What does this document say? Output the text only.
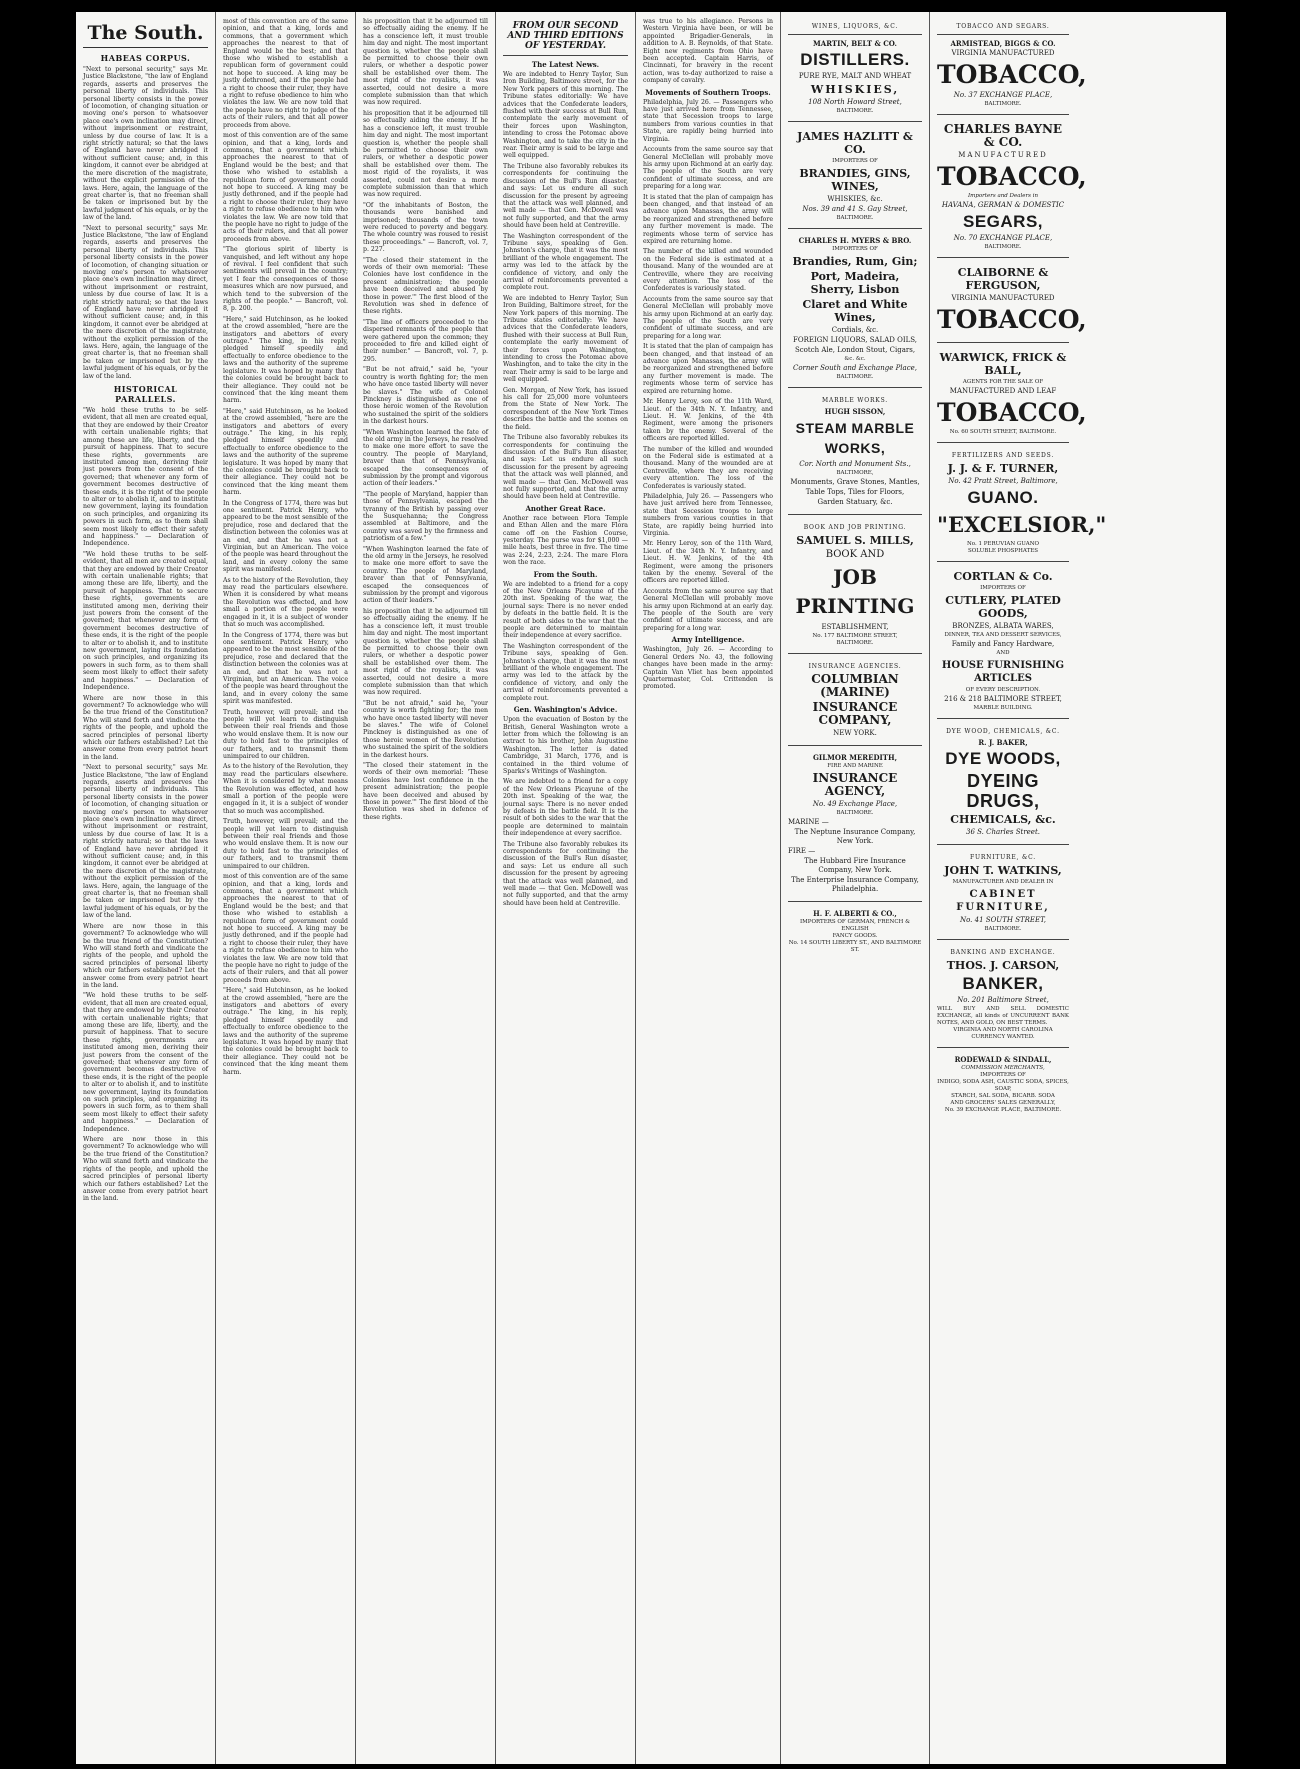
The South.
HABEAS CORPUS.

"Next to personal security," says Mr. Justice Blackstone, "the law of England regards, asserts and preserves the personal liberty of individuals. This personal liberty consists in the power of locomotion, of changing situation or moving one's person to whatsoever place one's own inclination may direct, without imprisonment or restraint, unless by due course of law. It is a right strictly natural; so that the laws of England have never abridged it without sufficient cause; and, in this kingdom, it cannot ever be abridged at the mere discretion of the magistrate, without the explicit permission of the laws. Here, again, the language of the great charter is, that no freeman shall be taken or imprisoned but by the lawful judgment of his equals, or by the law of the land.

"Next to personal security," says Mr. Justice Blackstone, "the law of England regards, asserts and preserves the personal liberty of individuals. This personal liberty consists in the power of locomotion, of changing situation or moving one's person to whatsoever place one's own inclination may direct, without imprisonment or restraint, unless by due course of law. It is a right strictly natural; so that the laws of England have never abridged it without sufficient cause; and, in this kingdom, it cannot ever be abridged at the mere discretion of the magistrate, without the explicit permission of the laws. Here, again, the language of the great charter is, that no freeman shall be taken or imprisoned but by the lawful judgment of his equals, or by the law of the land.

HISTORICAL PARALLELS.

"We hold these truths to be self-evident, that all men are created equal, that they are endowed by their Creator with certain unalienable rights; that among these are life, liberty, and the pursuit of happiness. That to secure these rights, governments are instituted among men, deriving their just powers from the consent of the governed; that whenever any form of government becomes destructive of these ends, it is the right of the people to alter or to abolish it, and to institute new government, laying its foundation on such principles, and organizing its powers in such form, as to them shall seem most likely to effect their safety and happiness." — Declaration of Independence.

"We hold these truths to be self-evident, that all men are created equal, that they are endowed by their Creator with certain unalienable rights; that among these are life, liberty, and the pursuit of happiness. That to secure these rights, governments are instituted among men, deriving their just powers from the consent of the governed; that whenever any form of government becomes destructive of these ends, it is the right of the people to alter or to abolish it, and to institute new government, laying its foundation on such principles, and organizing its powers in such form, as to them shall seem most likely to effect their safety and happiness." — Declaration of Independence.

Where are now those in this government? To acknowledge who will be the true friend of the Constitution? Who will stand forth and vindicate the rights of the people, and uphold the sacred principles of personal liberty which our fathers established? Let the answer come from every patriot heart in the land.

"Next to personal security," says Mr. Justice Blackstone, "the law of England regards, asserts and preserves the personal liberty of individuals. This personal liberty consists in the power of locomotion, of changing situation or moving one's person to whatsoever place one's own inclination may direct, without imprisonment or restraint, unless by due course of law. It is a right strictly natural; so that the laws of England have never abridged it without sufficient cause; and, in this kingdom, it cannot ever be abridged at the mere discretion of the magistrate, without the explicit permission of the laws. Here, again, the language of the great charter is, that no freeman shall be taken or imprisoned but by the lawful judgment of his equals, or by the law of the land.

Where are now those in this government? To acknowledge who will be the true friend of the Constitution? Who will stand forth and vindicate the rights of the people, and uphold the sacred principles of personal liberty which our fathers established? Let the answer come from every patriot heart in the land.

"We hold these truths to be self-evident, that all men are created equal, that they are endowed by their Creator with certain unalienable rights; that among these are life, liberty, and the pursuit of happiness. That to secure these rights, governments are instituted among men, deriving their just powers from the consent of the governed; that whenever any form of government becomes destructive of these ends, it is the right of the people to alter or to abolish it, and to institute new government, laying its foundation on such principles, and organizing its powers in such form, as to them shall seem most likely to effect their safety and happiness." — Declaration of Independence.

Where are now those in this government? To acknowledge who will be the true friend of the Constitution? Who will stand forth and vindicate the rights of the people, and uphold the sacred principles of personal liberty which our fathers established? Let the answer come from every patriot heart in the land.

most of this convention are of the same opinion, and that a king, lords and commons, that a government which approaches the nearest to that of England would be the best; and that those who wished to establish a republican form of government could not hope to succeed. A king may be justly dethroned, and if the people had a right to choose their ruler, they have a right to refuse obedience to him who violates the law. We are now told that the people have no right to judge of the acts of their rulers, and that all power proceeds from above.

most of this convention are of the same opinion, and that a king, lords and commons, that a government which approaches the nearest to that of England would be the best; and that those who wished to establish a republican form of government could not hope to succeed. A king may be justly dethroned, and if the people had a right to choose their ruler, they have a right to refuse obedience to him who violates the law. We are now told that the people have no right to judge of the acts of their rulers, and that all power proceeds from above.

"The glorious spirit of liberty is vanquished, and left without any hope of revival. I feel confident that such sentiments will prevail in the country; yet I fear the consequences of those measures which are now pursued, and which tend to the subversion of the rights of the people." — Bancroft, vol. 8, p. 200.

"Here," said Hutchinson, as he looked at the crowd assembled, "here are the instigators and abettors of every outrage." The king, in his reply, pledged himself speedily and effectually to enforce obedience to the laws and the authority of the supreme legislature. It was hoped by many that the colonies could be brought back to their allegiance. They could not be convinced that the king meant them harm.

"Here," said Hutchinson, as he looked at the crowd assembled, "here are the instigators and abettors of every outrage." The king, in his reply, pledged himself speedily and effectually to enforce obedience to the laws and the authority of the supreme legislature. It was hoped by many that the colonies could be brought back to their allegiance. They could not be convinced that the king meant them harm.

In the Congress of 1774, there was but one sentiment. Patrick Henry, who appeared to be the most sensible of the prejudice, rose and declared that the distinction between the colonies was at an end, and that he was not a Virginian, but an American. The voice of the people was heard throughout the land, and in every colony the same spirit was manifested.

As to the history of the Revolution, they may read the particulars elsewhere. When it is considered by what means the Revolution was effected, and how small a portion of the people were engaged in it, it is a subject of wonder that so much was accomplished.

In the Congress of 1774, there was but one sentiment. Patrick Henry, who appeared to be the most sensible of the prejudice, rose and declared that the distinction between the colonies was at an end, and that he was not a Virginian, but an American. The voice of the people was heard throughout the land, and in every colony the same spirit was manifested.

Truth, however, will prevail; and the people will yet learn to distinguish between their real friends and those who would enslave them. It is now our duty to hold fast to the principles of our fathers, and to transmit them unimpaired to our children.

As to the history of the Revolution, they may read the particulars elsewhere. When it is considered by what means the Revolution was effected, and how small a portion of the people were engaged in it, it is a subject of wonder that so much was accomplished.

Truth, however, will prevail; and the people will yet learn to distinguish between their real friends and those who would enslave them. It is now our duty to hold fast to the principles of our fathers, and to transmit them unimpaired to our children.

most of this convention are of the same opinion, and that a king, lords and commons, that a government which approaches the nearest to that of England would be the best; and that those who wished to establish a republican form of government could not hope to succeed. A king may be justly dethroned, and if the people had a right to choose their ruler, they have a right to refuse obedience to him who violates the law. We are now told that the people have no right to judge of the acts of their rulers, and that all power proceeds from above.

"Here," said Hutchinson, as he looked at the crowd assembled, "here are the instigators and abettors of every outrage." The king, in his reply, pledged himself speedily and effectually to enforce obedience to the laws and the authority of the supreme legislature. It was hoped by many that the colonies could be brought back to their allegiance. They could not be convinced that the king meant them harm.

his proposition that it be adjourned till so effectually aiding the enemy. If he has a conscience left, it must trouble him day and night. The most important question is, whether the people shall be permitted to choose their own rulers, or whether a despotic power shall be established over them. The most rigid of the royalists, it was asserted, could not desire a more complete submission than that which was now required.

his proposition that it be adjourned till so effectually aiding the enemy. If he has a conscience left, it must trouble him day and night. The most important question is, whether the people shall be permitted to choose their own rulers, or whether a despotic power shall be established over them. The most rigid of the royalists, it was asserted, could not desire a more complete submission than that which was now required.

"Of the inhabitants of Boston, the thousands were banished and imprisoned; thousands of the town were reduced to poverty and beggary. The whole country was roused to resist these proceedings." — Bancroft, vol. 7, p. 227.

"The closed their statement in the words of their own memorial: 'These Colonies have lost confidence in the present administration; the people have been deceived and abused by those in power.'" The first blood of the Revolution was shed in defence of these rights.

"The line of officers proceeded to the dispersed remnants of the people that were gathered upon the common; they proceeded to fire and killed eight of their number." — Bancroft, vol. 7, p. 295.

"But be not afraid," said he, "your country is worth fighting for; the men who have once tasted liberty will never be slaves." The wife of Colonel Pinckney is distinguished as one of those heroic women of the Revolution who sustained the spirit of the soldiers in the darkest hours.

"When Washington learned the fate of the old army in the Jerseys, he resolved to make one more effort to save the country. The people of Maryland, braver than that of Pennsylvania, escaped the consequences of submission by the prompt and vigorous action of their leaders."

"The people of Maryland, happier than those of Pennsylvania, escaped the tyranny of the British by passing over the Susquehanna; the Congress assembled at Baltimore, and the country was saved by the firmness and patriotism of a few."

"When Washington learned the fate of the old army in the Jerseys, he resolved to make one more effort to save the country. The people of Maryland, braver than that of Pennsylvania, escaped the consequences of submission by the prompt and vigorous action of their leaders."

his proposition that it be adjourned till so effectually aiding the enemy. If he has a conscience left, it must trouble him day and night. The most important question is, whether the people shall be permitted to choose their own rulers, or whether a despotic power shall be established over them. The most rigid of the royalists, it was asserted, could not desire a more complete submission than that which was now required.

"But be not afraid," said he, "your country is worth fighting for; the men who have once tasted liberty will never be slaves." The wife of Colonel Pinckney is distinguished as one of those heroic women of the Revolution who sustained the spirit of the soldiers in the darkest hours.

"The closed their statement in the words of their own memorial: 'These Colonies have lost confidence in the present administration; the people have been deceived and abused by those in power.'" The first blood of the Revolution was shed in defence of these rights.

FROM OUR SECOND AND THIRD EDITIONS OF YESTERDAY.
The Latest News.

We are indebted to Henry Taylor, Sun Iron Building, Baltimore street, for the New York papers of this morning. The Tribune states editorially: We have advices that the Confederate leaders, flushed with their success at Bull Run, contemplate the early movement of their forces upon Washington, intending to cross the Potomac above Washington, and to take the city in the rear. Their army is said to be large and well equipped.

The Tribune also favorably rebukes its correspondents for continuing the discussion of the Bull's Run disaster, and says: Let us endure all such discussion for the present by agreeing that the attack was well planned, and well made — that Gen. McDowell was not fully supported, and that the army should have been held at Centreville.

The Washington correspondent of the Tribune says, speaking of Gen. Johnston's charge, that it was the most brilliant of the whole engagement. The army was led to the attack by the confidence of victory, and only the arrival of reinforcements prevented a complete rout.

We are indebted to Henry Taylor, Sun Iron Building, Baltimore street, for the New York papers of this morning. The Tribune states editorially: We have advices that the Confederate leaders, flushed with their success at Bull Run, contemplate the early movement of their forces upon Washington, intending to cross the Potomac above Washington, and to take the city in the rear. Their army is said to be large and well equipped.

Gen. Morgan, of New York, has issued his call for 25,000 more volunteers from the State of New York. The correspondent of the New York Times describes the battle and the scenes on the field.

The Tribune also favorably rebukes its correspondents for continuing the discussion of the Bull's Run disaster, and says: Let us endure all such discussion for the present by agreeing that the attack was well planned, and well made — that Gen. McDowell was not fully supported, and that the army should have been held at Centreville.

Another Great Race.

Another race between Flora Temple and Ethan Allen and the mare Flora came off on the Fashion Course, yesterday. The purse was for $1,000 — mile heats, best three in five. The time was 2:24, 2:23, 2:24. The mare Flora won the race.

From the South.

We are indebted to a friend for a copy of the New Orleans Picayune of the 20th inst. Speaking of the war, the journal says: There is no never ended by defeats in the battle field. It is the result of both sides to the war that the people are determined to maintain their independence at every sacrifice.

The Washington correspondent of the Tribune says, speaking of Gen. Johnston's charge, that it was the most brilliant of the whole engagement. The army was led to the attack by the confidence of victory, and only the arrival of reinforcements prevented a complete rout.

Gen. Washington's Advice.

Upon the evacuation of Boston by the British, General Washington wrote a letter from which the following is an extract to his brother, John Augustine Washington. The letter is dated Cambridge, 31 March, 1776, and is contained in the third volume of Sparks's Writings of Washington.

We are indebted to a friend for a copy of the New Orleans Picayune of the 20th inst. Speaking of the war, the journal says: There is no never ended by defeats in the battle field. It is the result of both sides to the war that the people are determined to maintain their independence at every sacrifice.

The Tribune also favorably rebukes its correspondents for continuing the discussion of the Bull's Run disaster, and says: Let us endure all such discussion for the present by agreeing that the attack was well planned, and well made — that Gen. McDowell was not fully supported, and that the army should have been held at Centreville.

was true to his allegiance. Persons in Western Virginia have been, or will be appointed Brigadier-Generals, in addition to A. B. Reynolds, of that State. Eight new regiments from Ohio have been accepted. Captain Harris, of Cincinnati, for bravery in the recent action, was to-day authorized to raise a company of cavalry.

Movements of Southern Troops.

Philadelphia, July 26. — Passengers who have just arrived here from Tennessee, state that Secession troops to large numbers from various counties in that State, are rapidly being hurried into Virginia.

Accounts from the same source say that General McClellan will probably move his army upon Richmond at an early day. The people of the South are very confident of ultimate success, and are preparing for a long war.

It is stated that the plan of campaign has been changed, and that instead of an advance upon Manassas, the army will be reorganized and strengthened before any further movement is made. The regiments whose term of service has expired are returning home.

The number of the killed and wounded on the Federal side is estimated at a thousand. Many of the wounded are at Centreville, where they are receiving every attention. The loss of the Confederates is variously stated.

Accounts from the same source say that General McClellan will probably move his army upon Richmond at an early day. The people of the South are very confident of ultimate success, and are preparing for a long war.

It is stated that the plan of campaign has been changed, and that instead of an advance upon Manassas, the army will be reorganized and strengthened before any further movement is made. The regiments whose term of service has expired are returning home.

Mr. Henry Leroy, son of the 11th Ward, Lieut. of the 34th N. Y. Infantry, and Lieut. H. W. Jenkins, of the 4th Regiment, were among the prisoners taken by the enemy. Several of the officers are reported killed.

The number of the killed and wounded on the Federal side is estimated at a thousand. Many of the wounded are at Centreville, where they are receiving every attention. The loss of the Confederates is variously stated.

Philadelphia, July 26. — Passengers who have just arrived here from Tennessee, state that Secession troops to large numbers from various counties in that State, are rapidly being hurried into Virginia.

Mr. Henry Leroy, son of the 11th Ward, Lieut. of the 34th N. Y. Infantry, and Lieut. H. W. Jenkins, of the 4th Regiment, were among the prisoners taken by the enemy. Several of the officers are reported killed.

Accounts from the same source say that General McClellan will probably move his army upon Richmond at an early day. The people of the South are very confident of ultimate success, and are preparing for a long war.

Army Intelligence.

Washington, July 26. — According to General Orders No. 43, the following changes have been made in the army: Captain Van Vliet has been appointed Quartermaster, Col. Crittenden is promoted.

WINES, LIQUORS, &C.
MARTIN, BELT & CO.
DISTILLERS.
PURE RYE, MALT AND WHEAT
WHISKIES,
108 North Howard Street,
BALTIMORE.
JAMES HAZLITT & CO.
IMPORTERS OF
BRANDIES, GINS, WINES,
WHISKIES, &c.
Nos. 39 and 41 S. Gay Street,
BALTIMORE.
CHARLES H. MYERS & BRO.
IMPORTERS OF
Brandies, Rum, Gin;
Port, Madeira, Sherry, Lisbon
Claret and White Wines,
Cordials, &c.
FOREIGN LIQUORS, SALAD OILS,
Scotch Ale, London Stout, Cigars,
&c. &c.
Corner South and Exchange Place,
BALTIMORE.
MARBLE WORKS.
HUGH SISSON,
STEAM MARBLE WORKS,
Cor. North and Monument Sts.,
BALTIMORE,
Monuments, Grave Stones, Mantles,
Table Tops, Tiles for Floors,
Garden Statuary, &c.
BOOK AND JOB PRINTING.
SAMUEL S. MILLS,
BOOK AND
JOB PRINTING
ESTABLISHMENT,
No. 177 BALTIMORE STREET,
BALTIMORE.
INSURANCE AGENCIES.
COLUMBIAN (MARINE)
INSURANCE COMPANY,
NEW YORK.
GILMOR MEREDITH,
FIRE AND MARINE
INSURANCE AGENCY,
No. 49 Exchange Place,
BALTIMORE.
MARINE —
The Neptune Insurance Company, New York.
FIRE —
The Hubbard Fire Insurance Company, New York.
The Enterprise Insurance Company, Philadelphia.
H. F. ALBERTI & CO.,
IMPORTERS OF GERMAN, FRENCH & ENGLISH
FANCY GOODS.
No. 14 SOUTH LIBERTY ST., AND BALTIMORE ST.
TOBACCO AND SEGARS.
ARMISTEAD, BIGGS & CO.
VIRGINIA MANUFACTURED
TOBACCO,
No. 37 EXCHANGE PLACE,
BALTIMORE.
CHARLES BAYNE & CO.
MANUFACTURED
TOBACCO,
Importers and Dealers in
HAVANA, GERMAN & DOMESTIC
SEGARS,
No. 70 EXCHANGE PLACE,
BALTIMORE.
CLAIBORNE & FERGUSON,
VIRGINIA MANUFACTURED
TOBACCO,
WARWICK, FRICK & BALL,
AGENTS FOR THE SALE OF
MANUFACTURED AND LEAF
TOBACCO,
No. 60 SOUTH STREET, BALTIMORE.
FERTILIZERS AND SEEDS.
J. J. & F. TURNER,
No. 42 Pratt Street, Baltimore,
GUANO.
"EXCELSIOR,"
No. 1 PERUVIAN GUANO
SOLUBLE PHOSPHATES
CORTLAN & Co.
IMPORTERS OF
CUTLERY, PLATED GOODS,
BRONZES, ALBATA WARES,
DINNER, TEA AND DESSERT SERVICES,
Family and Fancy Hardware,
AND
HOUSE FURNISHING ARTICLES
OF EVERY DESCRIPTION.
216 & 218 BALTIMORE STREET,
MARBLE BUILDING.
DYE WOOD, CHEMICALS, &C.
R. J. BAKER,
DYE WOODS,
DYEING DRUGS,
CHEMICALS, &c.
36 S. Charles Street.
FURNITURE, &C.
JOHN T. WATKINS,
MANUFACTURER AND DEALER IN
CABINET FURNITURE,
No. 41 SOUTH STREET,
BALTIMORE.
BANKING AND EXCHANGE.
THOS. J. CARSON,
BANKER,
No. 201 Baltimore Street,
WILL BUY AND SELL DOMESTIC EXCHANGE, all kinds of UNCURRENT BANK NOTES, AND GOLD, ON BEST TERMS.
VIRGINIA AND NORTH CAROLINA CURRENCY WANTED.
RODEWALD & SINDALL,
COMMISSION MERCHANTS,
IMPORTERS OF
INDIGO, SODA ASH, CAUSTIC SODA, SPICES, SOAP,
STARCH, SAL SODA, BICARB. SODA
AND GROCERS' SALES GENERALLY,
No. 39 EXCHANGE PLACE, BALTIMORE.
